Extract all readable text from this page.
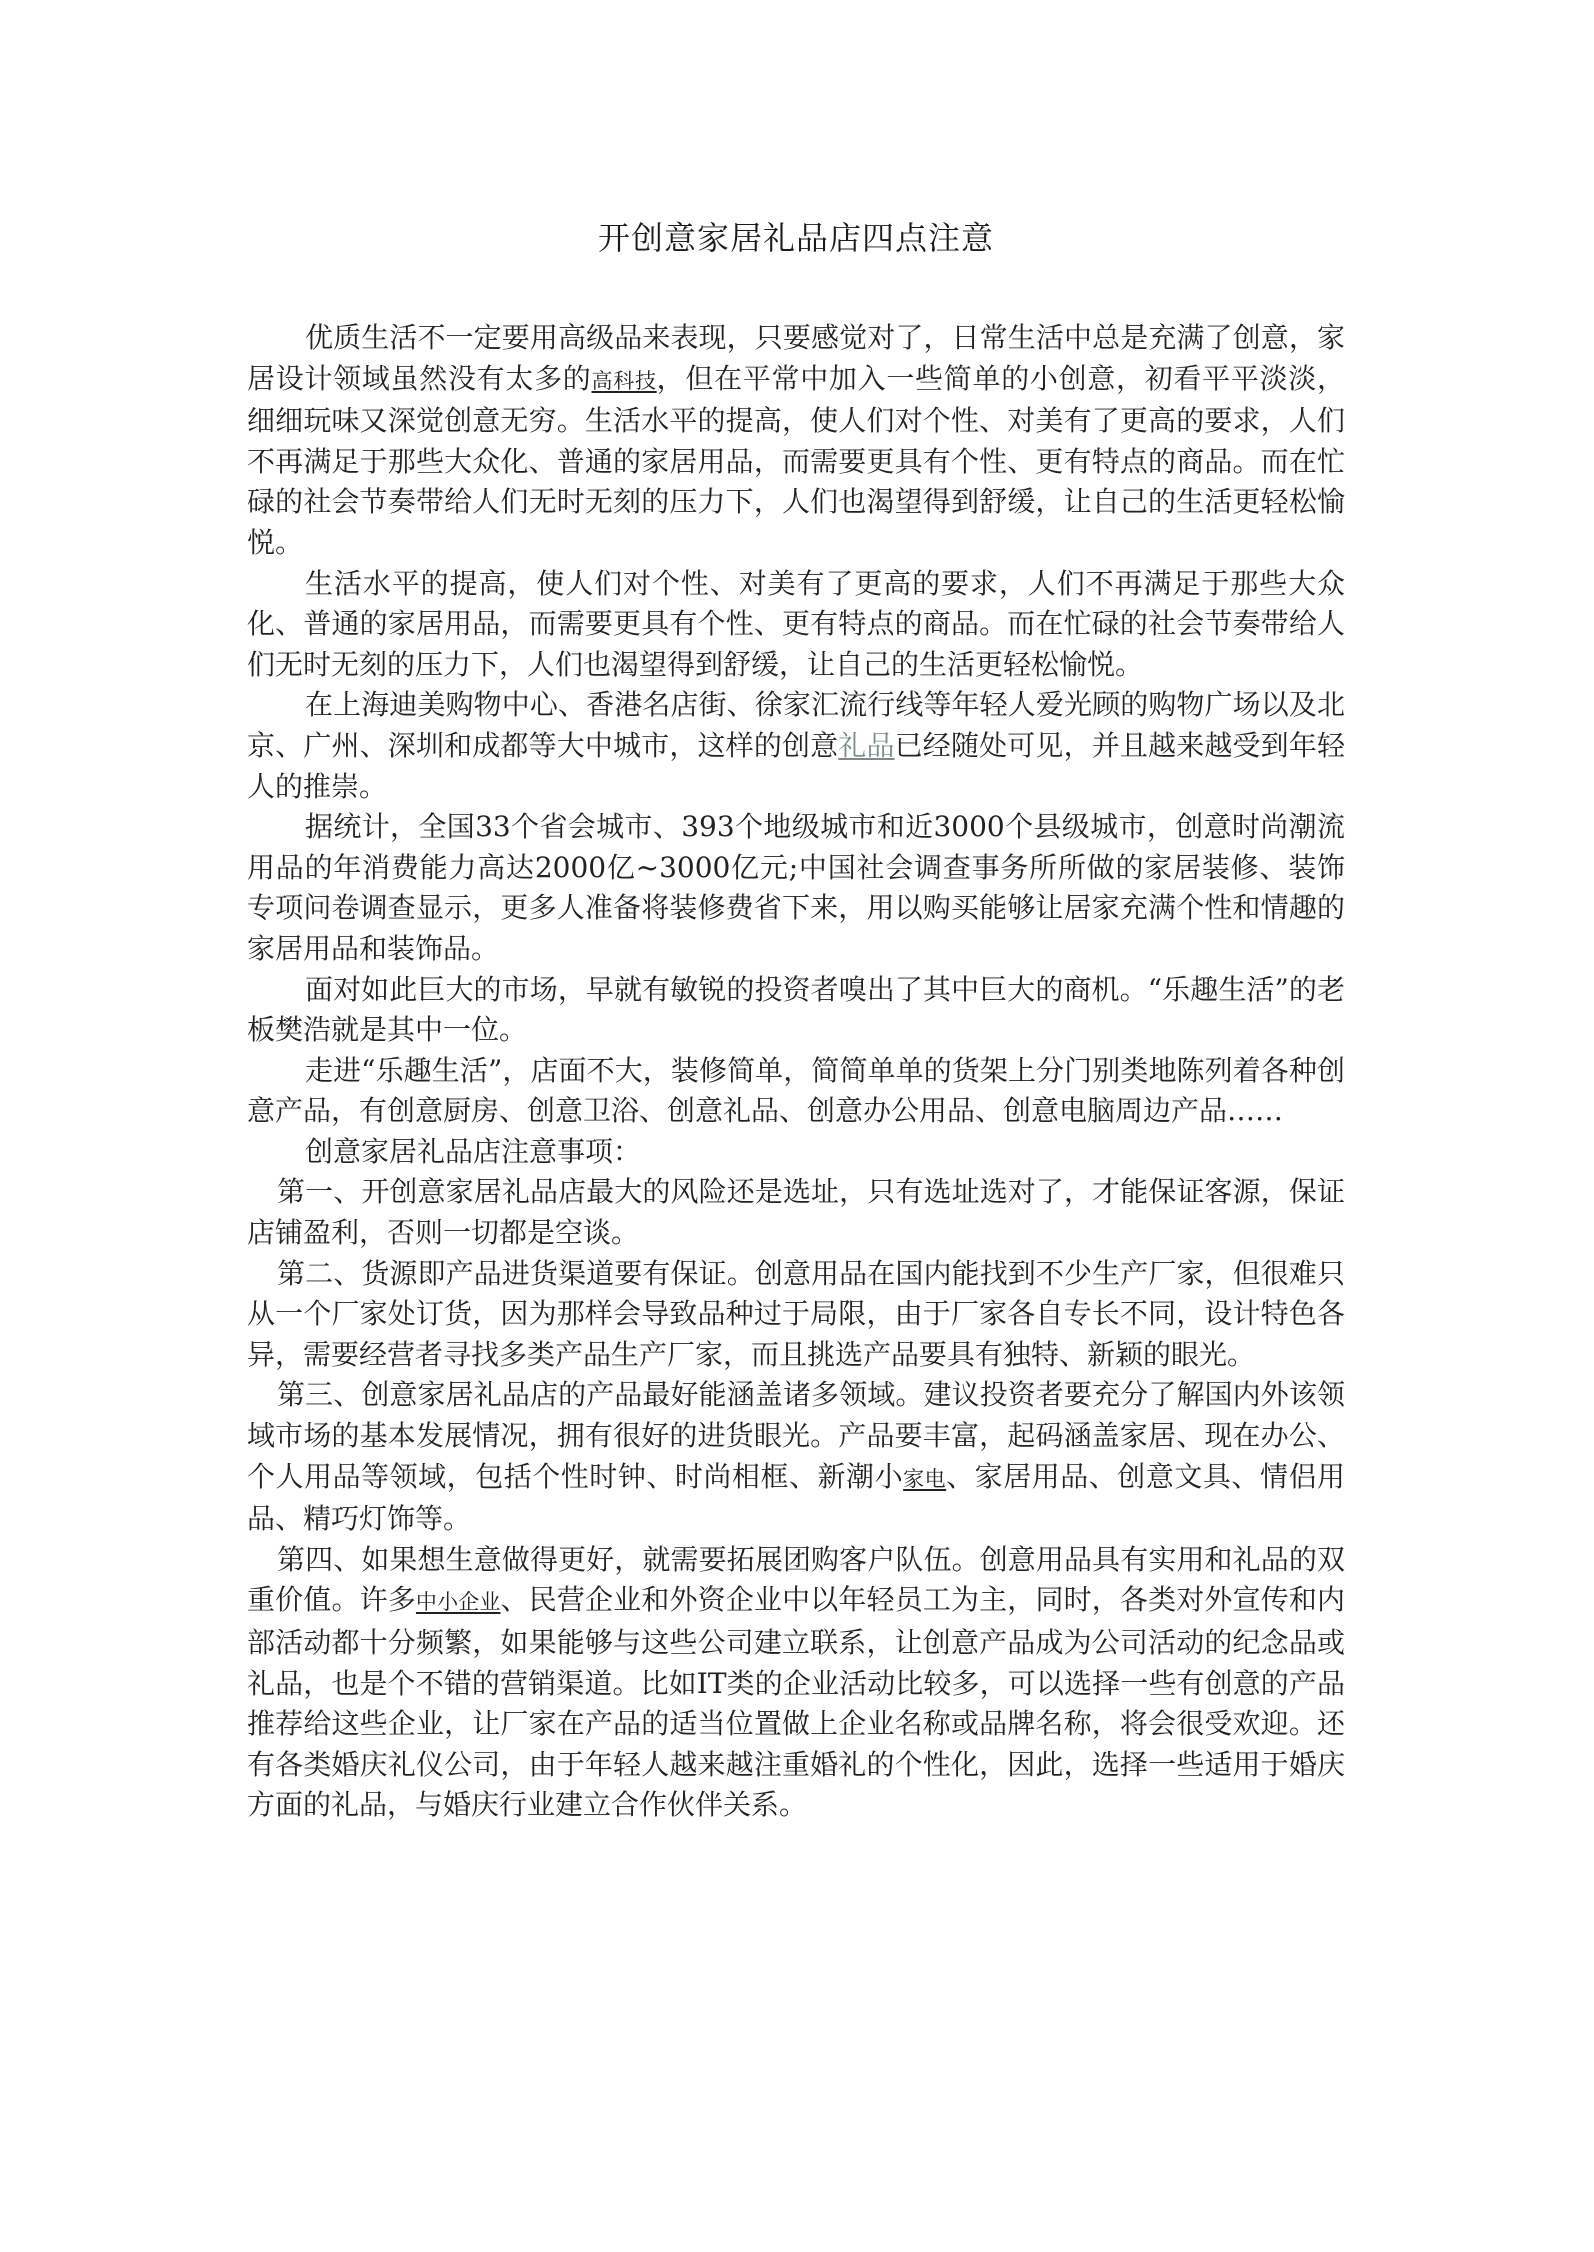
开创意家居礼品店四点注意

优质生活不一定要用高级品来表现，只要感觉对了，日常生活中总是充满了创意，家居设计领域虽然没有太多的高科技，但在平常中加入一些简单的小创意，初看平平淡淡，细细玩味又深觉创意无穷。生活水平的提高，使人们对个性、对美有了更高的要求，人们不再满足于那些大众化、普通的家居用品，而需要更具有个性、更有特点的商品。而在忙碌的社会节奏带给人们无时无刻的压力下，人们也渴望得到舒缓，让自己的生活更轻松愉悦。

生活水平的提高，使人们对个性、对美有了更高的要求，人们不再满足于那些大众化、普通的家居用品，而需要更具有个性、更有特点的商品。而在忙碌的社会节奏带给人们无时无刻的压力下，人们也渴望得到舒缓，让自己的生活更轻松愉悦。

在上海迪美购物中心、香港名店街、徐家汇流行线等年轻人爱光顾的购物广场以及北京、广州、深圳和成都等大中城市，这样的创意礼品已经随处可见，并且越来越受到年轻人的推崇。

据统计，全国33个省会城市、393个地级城市和近3000个县级城市，创意时尚潮流用品的年消费能力高达2000亿~3000亿元;中国社会调查事务所所做的家居装修、装饰专项问卷调查显示，更多人准备将装修费省下来，用以购买能够让居家充满个性和情趣的家居用品和装饰品。

面对如此巨大的市场，早就有敏锐的投资者嗅出了其中巨大的商机。“乐趣生活”的老板樊浩就是其中一位。

走进“乐趣生活”，店面不大，装修简单，简简单单的货架上分门别类地陈列着各种创意产品，有创意厨房、创意卫浴、创意礼品、创意办公用品、创意电脑周边产品……

创意家居礼品店注意事项：

第一、开创意家居礼品店最大的风险还是选址，只有选址选对了，才能保证客源，保证店铺盈利，否则一切都是空谈。

第二、货源即产品进货渠道要有保证。创意用品在国内能找到不少生产厂家，但很难只从一个厂家处订货，因为那样会导致品种过于局限，由于厂家各自专长不同，设计特色各异，需要经营者寻找多类产品生产厂家，而且挑选产品要具有独特、新颖的眼光。

第三、创意家居礼品店的产品最好能涵盖诸多领域。建议投资者要充分了解国内外该领域市场的基本发展情况，拥有很好的进货眼光。产品要丰富，起码涵盖家居、现在办公、个人用品等领域，包括个性时钟、时尚相框、新潮小家电、家居用品、创意文具、情侣用品、精巧灯饰等。

第四、如果想生意做得更好，就需要拓展团购客户队伍。创意用品具有实用和礼品的双重价值。许多中小企业、民营企业和外资企业中以年轻员工为主，同时，各类对外宣传和内部活动都十分频繁，如果能够与这些公司建立联系，让创意产品成为公司活动的纪念品或礼品，也是个不错的营销渠道。比如IT类的企业活动比较多，可以选择一些有创意的产品推荐给这些企业，让厂家在产品的适当位置做上企业名称或品牌名称，将会很受欢迎。还有各类婚庆礼仪公司，由于年轻人越来越注重婚礼的个性化，因此，选择一些适用于婚庆方面的礼品，与婚庆行业建立合作伙伴关系。
